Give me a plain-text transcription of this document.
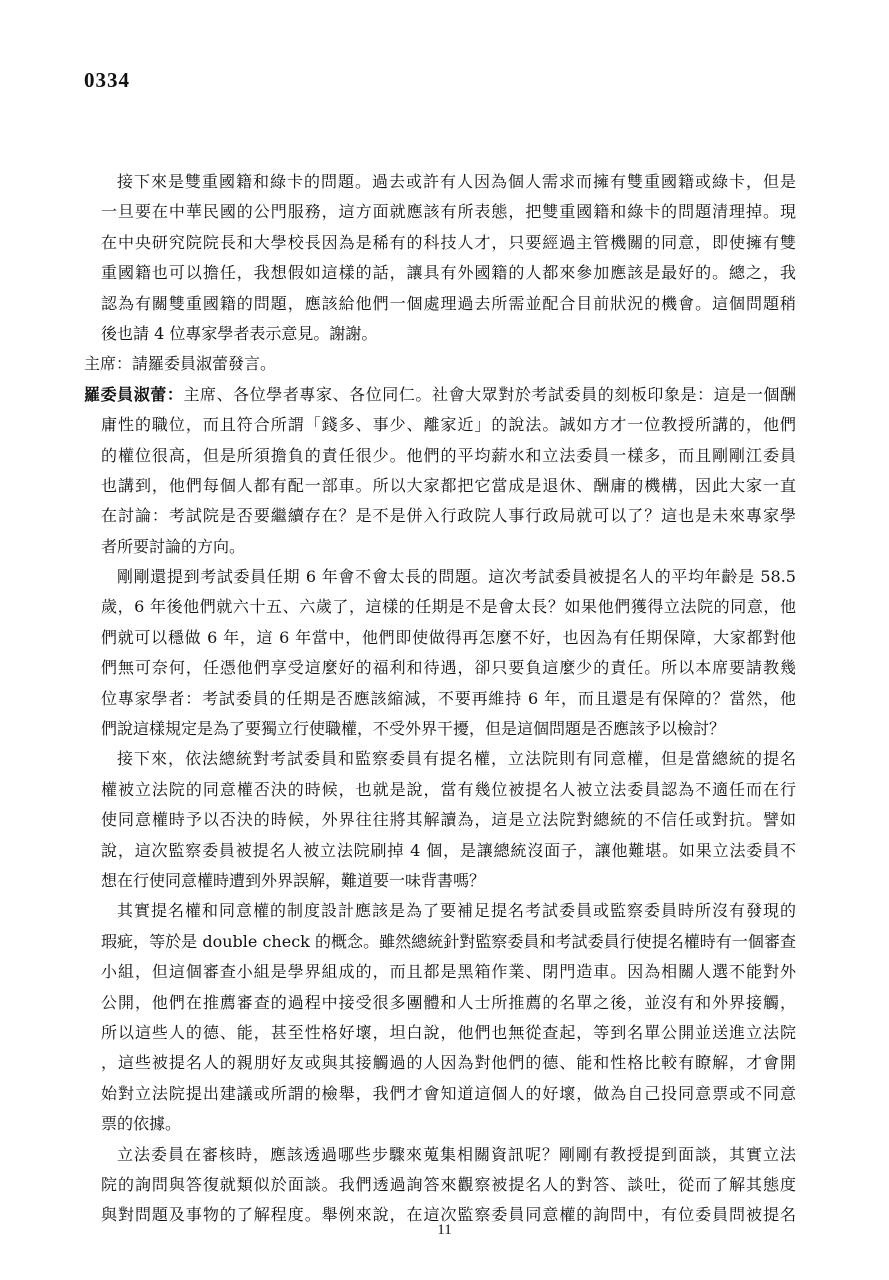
0334
接下來是雙重國籍和綠卡的問題。過去或許有人因為個人需求而擁有雙重國籍或綠卡，但是
一旦要在中華民國的公門服務，這方面就應該有所表態，把雙重國籍和綠卡的問題清理掉。現
在中央研究院院長和大學校長因為是稀有的科技人才，只要經過主管機關的同意，即使擁有雙
重國籍也可以擔任，我想假如這樣的話，讓具有外國籍的人都來參加應該是最好的。總之，我
認為有關雙重國籍的問題，應該給他們一個處理過去所需並配合目前狀況的機會。這個問題稍
後也請 4 位專家學者表示意見。謝謝。
主席：請羅委員淑蕾發言。
羅委員淑蕾：主席、各位學者專家、各位同仁。社會大眾對於考試委員的刻板印象是：這是一個酬
庸性的職位，而且符合所謂「錢多、事少、離家近」的說法。誠如方才一位教授所講的，他們
的權位很高，但是所須擔負的責任很少。他們的平均薪水和立法委員一樣多，而且剛剛江委員
也講到，他們每個人都有配一部車。所以大家都把它當成是退休、酬庸的機構，因此大家一直
在討論：考試院是否要繼續存在？是不是併入行政院人事行政局就可以了？這也是未來專家學
者所要討論的方向。
剛剛還提到考試委員任期 6 年會不會太長的問題。這次考試委員被提名人的平均年齡是 58.5
歲，6 年後他們就六十五、六歲了，這樣的任期是不是會太長？如果他們獲得立法院的同意，他
們就可以穩做 6 年，這 6 年當中，他們即使做得再怎麼不好，也因為有任期保障，大家都對他
們無可奈何，任憑他們享受這麼好的福利和待遇，卻只要負這麼少的責任。所以本席要請教幾
位專家學者：考試委員的任期是否應該縮減，不要再維持 6 年，而且還是有保障的？當然，他
們說這樣規定是為了要獨立行使職權，不受外界干擾，但是這個問題是否應該予以檢討？
接下來，依法總統對考試委員和監察委員有提名權，立法院則有同意權，但是當總統的提名
權被立法院的同意權否決的時候，也就是說，當有幾位被提名人被立法委員認為不適任而在行
使同意權時予以否決的時候，外界往往將其解讀為，這是立法院對總統的不信任或對抗。譬如
說，這次監察委員被提名人被立法院刷掉 4 個，是讓總統沒面子，讓他難堪。如果立法委員不
想在行使同意權時遭到外界誤解，難道要一味背書嗎？
其實提名權和同意權的制度設計應該是為了要補足提名考試委員或監察委員時所沒有發現的
瑕疵，等於是 double check 的概念。雖然總統針對監察委員和考試委員行使提名權時有一個審查
小組，但這個審查小組是學界組成的，而且都是黑箱作業、閉門造車。因為相關人選不能對外
公開，他們在推薦審查的過程中接受很多團體和人士所推薦的名單之後，並沒有和外界接觸，
所以這些人的德、能，甚至性格好壞，坦白說，他們也無從查起，等到名單公開並送進立法院
，這些被提名人的親朋好友或與其接觸過的人因為對他們的德、能和性格比較有瞭解，才會開
始對立法院提出建議或所謂的檢舉，我們才會知道這個人的好壞，做為自己投同意票或不同意
票的依據。
立法委員在審核時，應該透過哪些步驟來蒐集相關資訊呢？剛剛有教授提到面談，其實立法
院的詢問與答復就類似於面談。我們透過詢答來觀察被提名人的對答、談吐，從而了解其態度
與對問題及事物的了解程度。舉例來說，在這次監察委員同意權的詢問中，有位委員問被提名
11
